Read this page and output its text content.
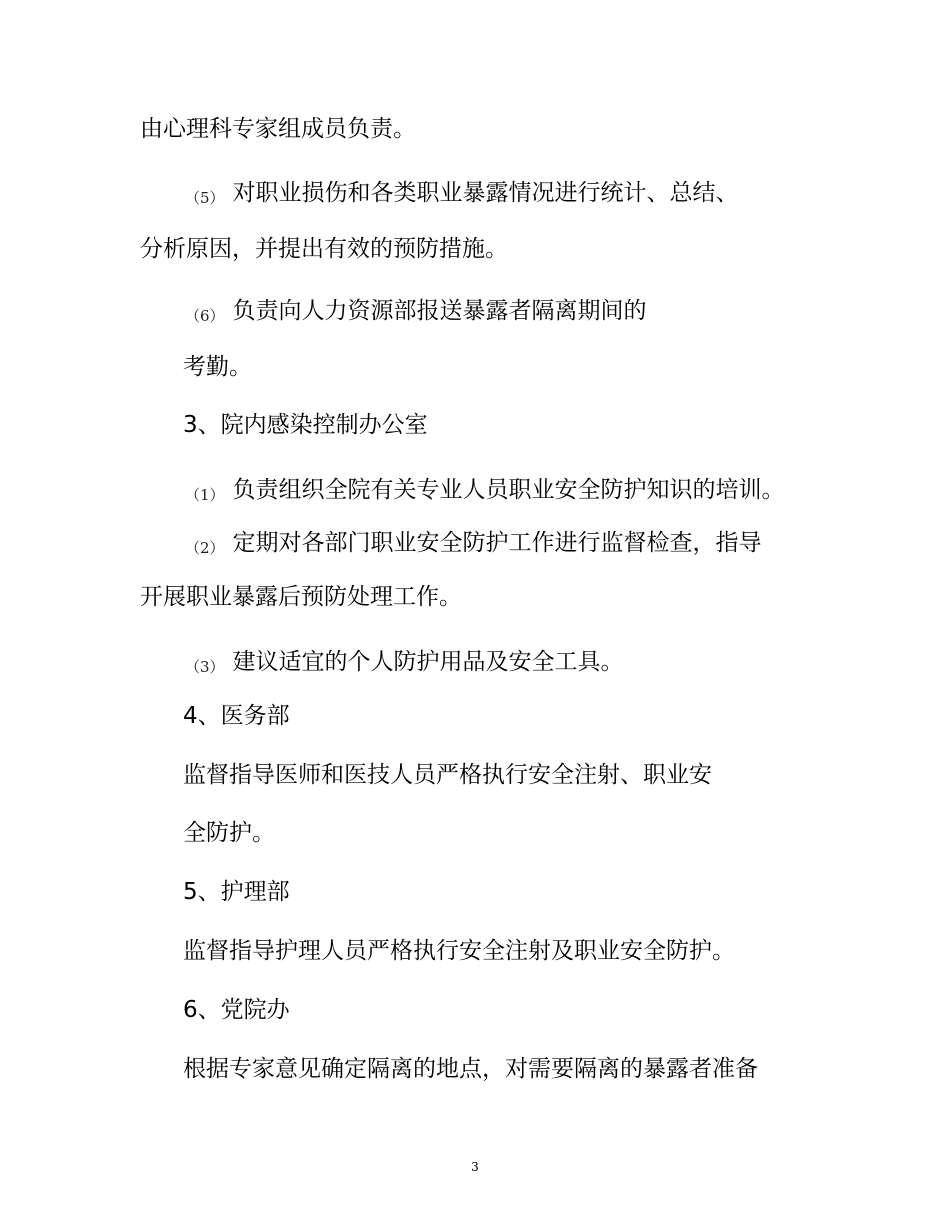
由心理科专家组成员负责。
（5） 对职业损伤和各类职业暴露情况进行统计、总结、
分析原因，并提出有效的预防措施。
（6） 负责向人力资源部报送暴露者隔离期间的
考勤。
3、院内感染控制办公室
（1） 负责组织全院有关专业人员职业安全防护知识的培训。
（2） 定期对各部门职业安全防护工作进行监督检查，指导
开展职业暴露后预防处理工作。
（3） 建议适宜的个人防护用品及安全工具。
4、医务部
监督指导医师和医技人员严格执行安全注射、职业安
全防护。
5、护理部
监督指导护理人员严格执行安全注射及职业安全防护。
6、党院办
根据专家意见确定隔离的地点，对需要隔离的暴露者准备
3
